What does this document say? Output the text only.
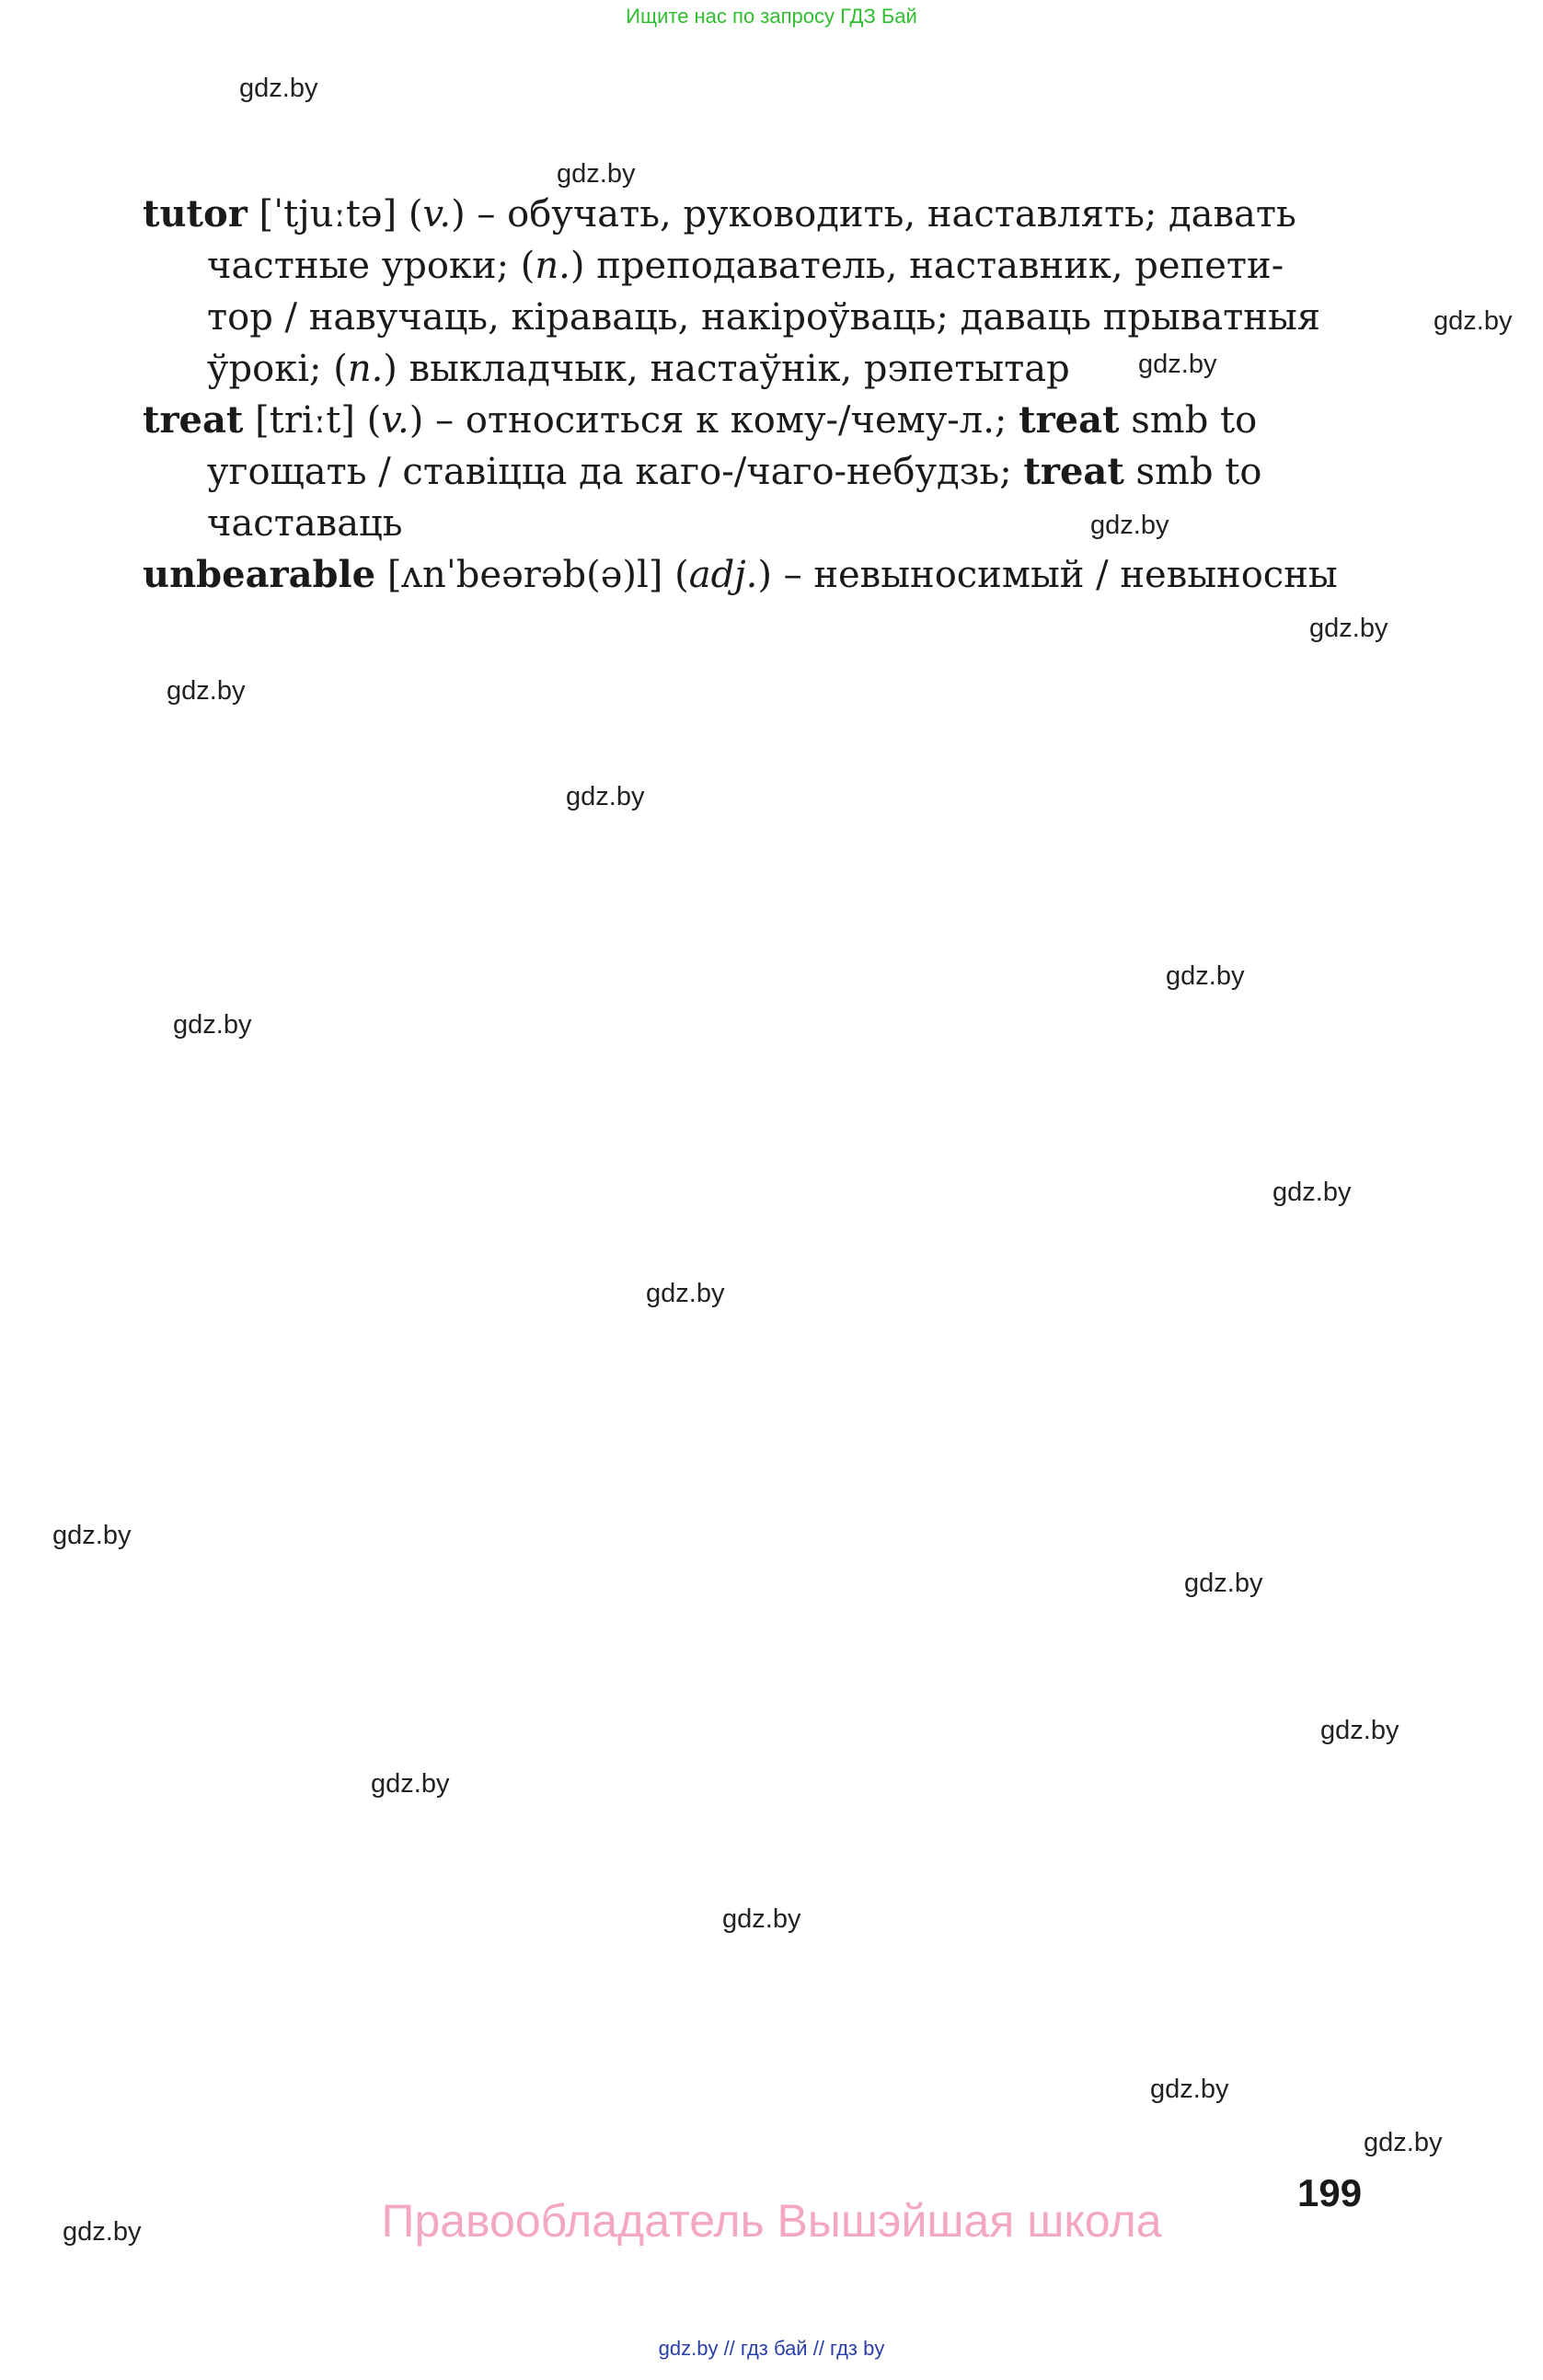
Ищите нас по запросу ГДЗ Бай
gdz.by
gdz.by
gdz.by
gdz.by
gdz.by
gdz.by
gdz.by
gdz.by
gdz.by
gdz.by
gdz.by
gdz.by
gdz.by
gdz.by
gdz.by
gdz.by
gdz.by
gdz.by
gdz.by
gdz.by
tutor [ˈtjuːtə] (v.) – обучать, руководить, наставлять; давать
частные уроки; (n.) преподаватель, наставник, репети-
тор / навучаць, кіраваць, накіроўваць; даваць прыватныя
ўрокі; (n.) выкладчык, настаўнік, рэпетытар
treat [triːt] (v.) – относиться к кому-/чему-л.; treat smb to
угощать / ставіцца да каго-/чаго-небудзь; treat smb to
частаваць
unbearable [ʌnˈbeərəb(ə)l] (adj.) – невыносимый / невыносны
199
Правообладатель Вышэйшая школа
gdz.by // гдз бай // гдз by
